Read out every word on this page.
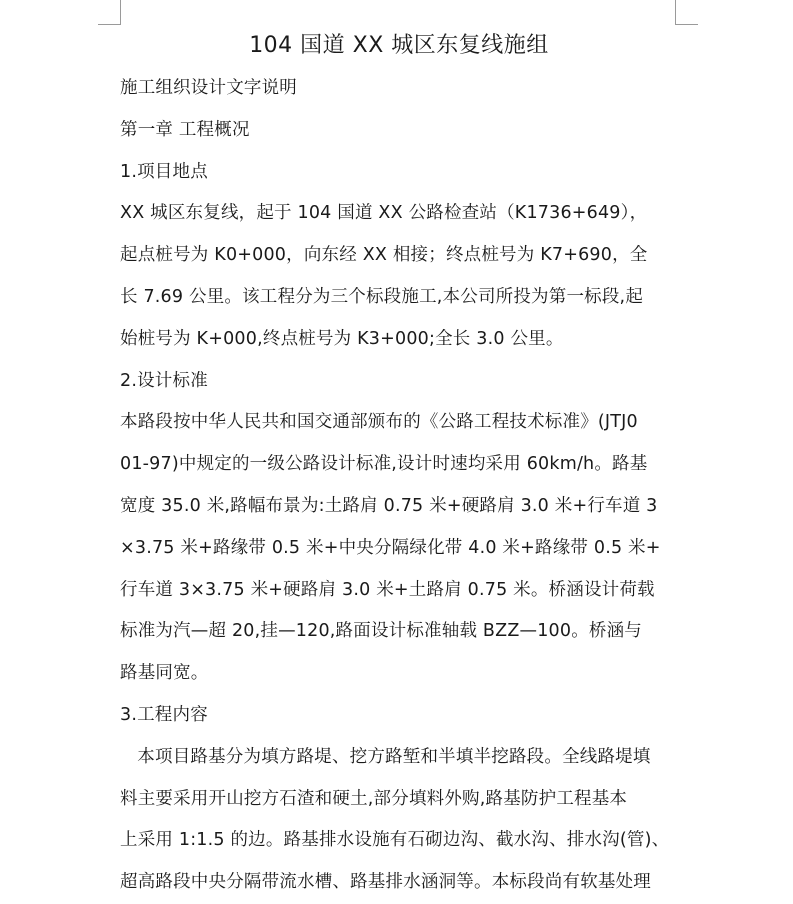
104 国道 XX 城区东复线施组

施工组织设计文字说明

第一章 工程概况

1.项目地点

XX 城区东复线，起于 104 国道 XX 公路检查站（K1736+649），

起点桩号为 K0+000，向东经 XX 相接；终点桩号为 K7+690，全

长 7.69 公里。该工程分为三个标段施工,本公司所投为第一标段,起

始桩号为 K+000,终点桩号为 K3+000;全长 3.0 公里。

2.设计标准

本路段按中华人民共和国交通部颁布的《公路工程技术标准》(JTJ0

01-97)中规定的一级公路设计标准,设计时速均采用 60km/h。路基

宽度 35.0 米,路幅布景为:土路肩 0.75 米+硬路肩 3.0 米+行车道 3

×3.75 米+路缘带 0.5 米+中央分隔绿化带 4.0 米+路缘带 0.5 米+

行车道 3×3.75 米+硬路肩 3.0 米+土路肩 0.75 米。桥涵设计荷载

标准为汽—超 20,挂—120,路面设计标准轴载 BZZ—100。桥涵与

路基同宽。

3.工程内容

本项目路基分为填方路堤、挖方路堑和半填半挖路段。全线路堤填

料主要采用开山挖方石渣和硬土,部分填料外购,路基防护工程基本

上采用 1:1.5 的边。路基排水设施有石砌边沟、截水沟、排水沟(管)、

超高路段中央分隔带流水槽、路基排水涵洞等。本标段尚有软基处理
